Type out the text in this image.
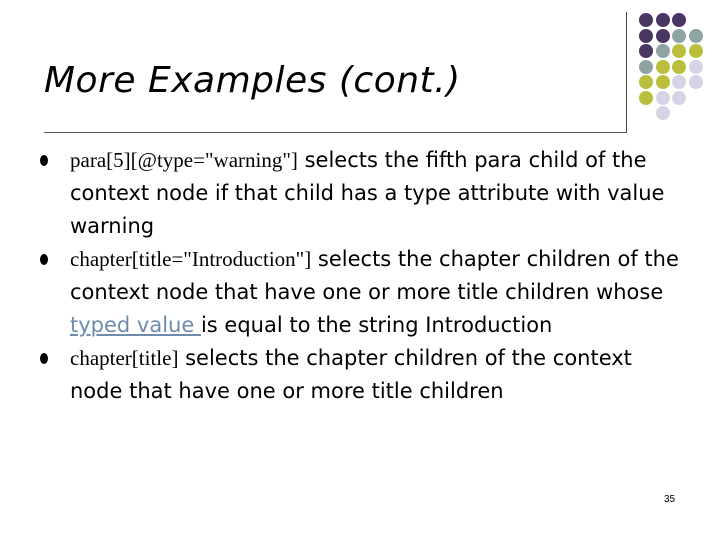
More Examples (cont.)
para[5][@type="warning"] selects the fifth para child of the context node if that child has a type attribute with value warning
chapter[title="Introduction"] selects the chapter children of the context node that have one or more title children whose typed value is equal to the string Introduction
chapter[title] selects the chapter children of the context node that have one or more title children
35
